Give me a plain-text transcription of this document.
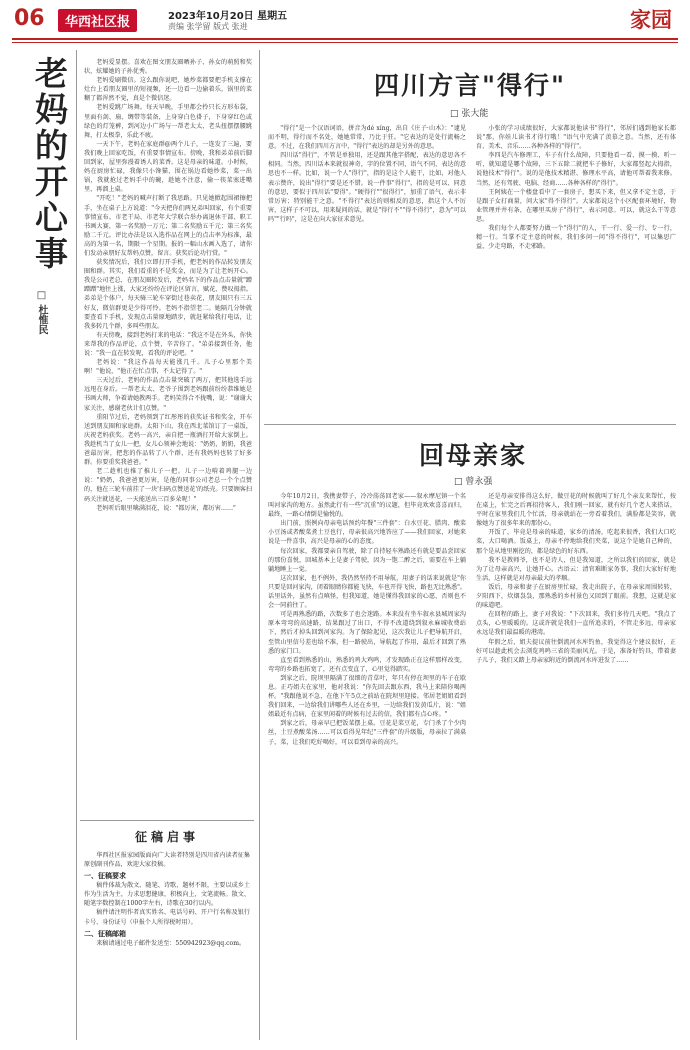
06	华西社区报	2023年10月20日 星期五
责编 张学留 版式 张进	家园
老妈的开心事
□ 杜惟民

老妈爱显摆。喜欢在图文朋友圈晒孙子、孙女的萌照和奖状，炫耀她的子孙优秀。

老妈爱刷微信。这么跟你说吧，她炒菜都要把手机支撑在灶台上看朋友圈里的短视频，还一边看一边偷着乐，锅里的菜糊了都浑然不觉，真是个微信迷。

老妈爱跳广场舞。每天早晚，手里都会拎只长方形布袋，里面有剑、扇、绸带等装备，上身穿白色褂子，下身穿红色或绿色的灯笼裤，到河边小广场与一帮老太太、老头扭摆摆腰跳舞，打太极拳，乐此不疲。

一天下午，老妈在家庭群@两个儿子，一连发了三遍，要我们晚上回家吃饭，有重要事情宣布。傍晚，我和弟弟前后脚回到家，屋里弥漫着诱人的菜香。这是母亲的味道。小时候，妈在厨房忙碌，我像只小馋猫，围在锅边看她炒菜，菜一出锅，我就抢过老妈手中的碗，趁她不注意，偷一筷菜塞进嘴里，再溜上桌。

"开吃！"老妈的喊声打断了我思路。只见她掀起围裙擦把手，坐在桌子上方说道："今天把你们两兄弟叫回家，有个重要事情宣布。市老干局、市老年大学联合举办离退休干部、职工书画大赛，第一名奖励一万元；第二名奖励五千元；第三名奖励二千元。评比办法是以入选作品在网上的点击率为标准，最高的为第一名，期限一个星期。报的一幅山水画入选了，请你们发动亲朋好友帮妈点赞，留言。获奖后论功行赏。"

获奖情况后，我们立即打开手机，把老妈的作品转发朋友圈和群。其实，我们看重的不是奖金，而是为了让老妈开心。我是公司老总，在朋友圈转发后，老妈名下的作品点击量就"蹭蹭蹭"地往上涨，大家还纷纷在评论区留言，赋花、赞叹拇指。弟弟是个体户，每天骑三轮车穿街过巷卖花，朋友圈只有三五好友，微信群更是少得可怜。老妈不指望老二。她隔几分钟就要查看下手机，发现点击量原地踏步，就赶紧给我打电话，让我多转几个群，多叫些朋友。

有天傍晚，接到老妈打来的电话："我这不是在外头，你快来帮我的作品评论，点个赞，辛苦你了。"弟弟接到任务，他说："我一直在转发呢，看我的评论吧。"

老妈说："我这作品每天能涨几千。儿子心里那个美啊！"他说，"他正在忙点事，不太记得了。"

三天过后，老妈的作品点击量突破了两万，把其他选手远远甩在身后。一帮老太太、老爷子围到老妈跟前纷纷恭维她是书画大师，争着请她教两手。老妈笑得合不拢嘴，说："谢谢大家关注，感谢老伙计们点赞。"

重阳节过后，老妈领到了红彤彤的获奖证书和奖金，开车送到朋友圈和家庭群。太阳下山，我在西北菜馆订了一桌饭，庆祝老妈获奖。老妈一高兴，亲自把一瓶酒打开给大家倒上。我趁机当了女儿一把，女儿心领神会地说："奶奶，奶奶，我爸爸最厉害，把您的作品转了八个群，还有我妈妈也转了好多群。你要重奖我爸爸。"

老二趁机也推了推儿子一把。儿子一边啃着鸡腿一边说："奶奶，我爸爸更厉害，是他的同事公司老总一个个点赞的，他在三轮车前挂了一块'扫码点赞送花'的纸壳。只要顾客扫码关注就送花，一天能送出三百多朵呢！"

老妈听后眼里噙满泪花，说："都厉害，都厉害……"

征稿启事

华西社区报家园版面向广大读者特别是四川省内读者征集原创副刊作品，欢迎大家投稿。

一、征稿要求

稿件体裁为散文、随笔、诗歌，题材不限，主要以成乡土作为生活为主，力求思想健康，积极向上，文笔流畅。散文、随笔字数控制在1000字左右，诗歌在30行以内。

稿件请注明作者真实姓名、电话号码、开户行名称及银行卡号、身份证号（申报个人所得税时用）。

二、征稿邮箱

来稿请通过电子邮件发送至：550942923@qq.com。

四川方言"得行"
□ 张大能

"得行"是一个汉语词语，拼音为dé xíng，出自《庄子·山木》："逮见而不明，得行而不名处，她她常常，乃比于狂。"它表达的是处行流畅之意。不过，在我们四川方言中，"得行"表达的却是另外的意思。

四川话"得行"，不管是单独用，还是跟其他字搭配，表达的意思各不相同。当然，四川话本来就很神奇，字的位置不同，语气不同，表达的意思也不一样。比如，说一个人"得行"，指的是这个人能干，比如，对他人表示赞许，说出"得行"要是还不错。说一件事"得行"，指的是可以、同意的意思，要似于四川话"要得"。"硬得行""很得行"，加重了语气，表示非常厉害；特别能干之意。"不得行"表达的则相反的意思，指这个人不厉害，这样子不可以。用来疑问的话，就是"得行不""得不得行"，意为"可以吗""行吗"，这是在向大家征求意见。

小张的学习成绩很好，大家都说他读书"得行"，邻居们遇到他家长都说"那，你娃儿读书才得行哦！"语气中充满了羡慕之意。当然，还有体育、美术、音乐……各种各样的"得行"。

李四是汽车修理工，车子有什么故障，只要他看一看、摸一摸、听一听，就知道是哪个故障，三下五除二就把车子修好，大家都竖起大拇指，说他技术"得行"。说的是他技术精湛、修理水平高，请他可帮着我来修。当然，还有驾驶、电脑、经商……各种各样的"得行"。

王阿姨在一个楼盘看中了一套房子，想买下来，但又拿不定主意，于是跟子女打商量，问大家"得不得行"。大家都说这个小区配套环境好，物业管理并井有条，在哪里买房子"得行"，表示同意。可以，就这么干等意思。

我们每个人都要努力做一个"得行"的人，干一行、爱一行、专一行，精一行。当掌不定主意的时候，我们多问一问"得不得行"，可以集思广益，少走弯路，不走邪路。

回母亲家
□ 曾永强

今年10月2日，我携妻带子，冷冷荡荡回老家——叙永摩尼镇一个名叫河家沟的地方。虽然此行有一些"沉重"的议题，但毕竟欢欢喜喜而归，最终，一路心情倒是愉悦的。

出门前，照例向母亲电话预约年餐"三件套"：白水豆花、腊肉、酸菜小豆汤或者酸菜煮土豆也行，母亲很高兴地答应了——我们回家，对她来说是一件喜事，高兴是母亲的心的态度。

每次回家，我都要亲自驾驶，除了自持轻车熟路还有就是要品尝回家的那份喜悦，回城基本上是妻子驾驶，因为一饱二醉之后，需要在车上躺躺地睡上一觉。

这次回家，也不例外，我仍然坚持不用导航，用妻子的话来说就是"你只要是回河家沟，闭着眼睛你都能飞快，车也开得飞快，路也无比熟悉"。话里话外，虽然有点嗔怪，但我知道，她是懂得我回家的心愿，否则也不会一同前往了。

可是再熟悉的路，次数多了也会迷路。本来没有坐车叙永县城周家沟原本弯弯的高速路，结果跟过了出口，不得不改道绕到叙永麻城收费站下，然后才掉头回到河家沟。为了保险起见，这次我让儿子把导航开启，至管山里信号差也给不准，但一路驶出，导航起了作用，最后才回到了熟悉的家门口。

直至看到熟悉的山，熟悉的鸡大鸡鸣，才发现路正在这样那样改变，弯弯的乡路也拓宽了，还有点变直了，心里觉得踏实。

到家之后，院坝里隔满了很细的青草叶，年只有停在坝里的车子在歇息。正巧姐夫在家里，他对我说："你先回去跟东西，我马上来陪你喝两杯。"我跟他说不急，在他下午5点之前站在院坝里迎接。邻居老姐姐看到我们回来，一边给我们讲哪些人还在乡里，一边给我们发黄瓜片，说："姐姐最近有点病，在家里闲着的时候有过去的信，我们都有点心疼。"

到家之后，母亲早已把饭菜摆上桌。豆花是菜豆花，专门杀了个少肉丝，土豆煮酸菜汤……可以看得见年纪"三件套"的升级版，母亲拉了满桌子，菜，让我们吃好喝好，可以看到母亲的高兴。

还是母亲安排得这么好，做豆花的时候就叫了好几个亲友来帮忙，按在桌上，忙完之后再招待客人，我们刚一回家，就有好几个老人来搭话，平时在家里我们几个忙活，母亲就站在一旁看着我们，满脸都是笑容，就像她为了很多年来的那份心。

开饭了，毕竟是母亲的味道，家乡的清汤，吃起来很香，我们大口吃菜，大口喝酒。饭桌上，母亲不停地给我们夹菜，说这个是她自己种的，那个是从地里刚挖的，都是绿色的好东西。

我不是教师爷，也不是诗人，但是我知道，之所以我们的回家，就是为了让母亲高兴，让她开心。古语云：清官难断家务事，我们大家好好地生活，这样就是对母亲最大的孝顺。

饭后，母亲和妻子在厨房里忙碌，我走出院子，在母亲家周围转转，夕阳西下，炊烟袅袅，那熟悉的乡村景色又回到了眼前。我想，这就是家的味道吧。

在回程的路上，妻子对我说："下次回来，我们多待几天吧。"我点了点头，心里暖暖的。这或许就是我们一直所追求的，不管走多远，母亲家永远是我们最温暖的港湾。

年假之后，姐夫提议前往倒流河水库钓鱼，我觉得这个建议很好，正好可以趁此机会去浏览鸡鸣三省的美丽风光。于是，准备好钓具，带着妻子儿子，我们又踏上母亲家附近的倒流河水库进发了……
